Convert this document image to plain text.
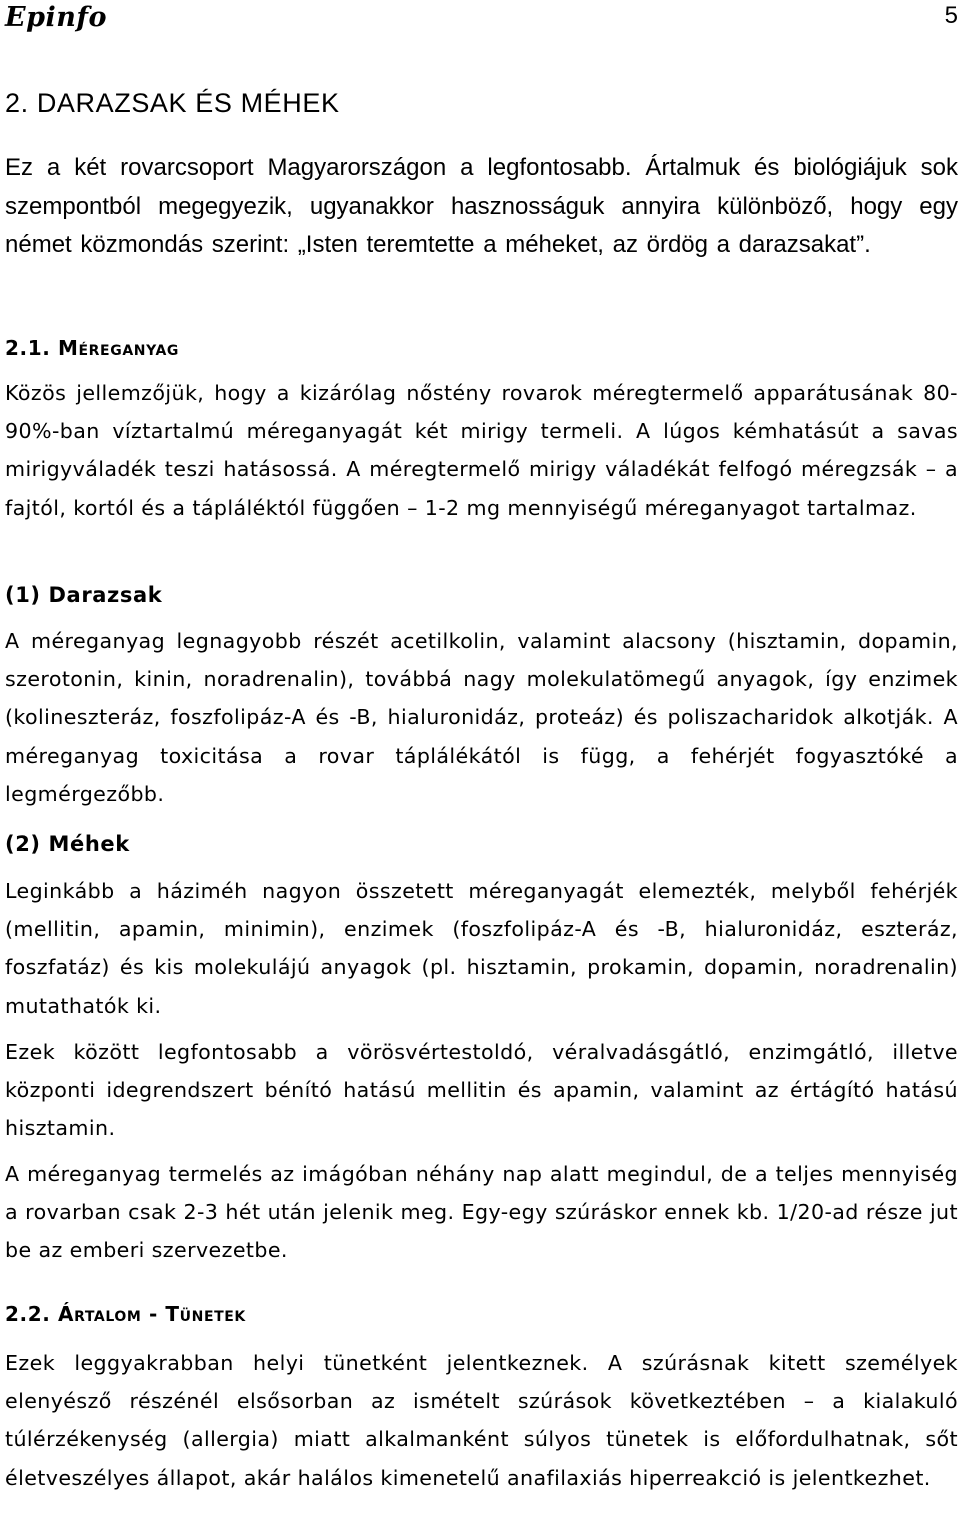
Epinfo	5
2. DARAZSAK ÉS MÉHEK
Ez a két rovarcsoport Magyarországon a legfontosabb. Ártalmuk és biológiájuk sok szempontból megegyezik, ugyanakkor hasznosságuk annyira különböző, hogy egy német közmondás szerint: „Isten teremtette a méheket, az ördög a darazsakat”.
2.1. Méreganyag
Közös jellemzőjük, hogy a kizárólag nőstény rovarok méregtermelő apparátusának 80-90%-ban víztartalmú méreganyagát két mirigy termeli. A lúgos kémhatásút a savas mirigyváladék teszi hatásossá. A méregtermelő mirigy váladékát felfogó méregzsák – a fajtól, kortól és a tápláléktól függően – 1-2 mg mennyiségű méreganyagot tartalmaz.
(1) Darazsak
A méreganyag legnagyobb részét acetilkolin, valamint alacsony (hisztamin, dopamin, szerotonin, kinin, noradrenalin), továbbá nagy molekulatömegű anyagok, így enzimek (kolineszteráz, foszfolipáz-A és -B, hialuronidáz, proteáz) és poliszacharidok alkotják. A méreganyag toxicitása a rovar táplálékától is függ, a fehérjét fogyasztóké a legmérgezőbb.
(2) Méhek
Leginkább a háziméh nagyon összetett méreganyagát elemezték, melyből fehérjék (mellitin, apamin, minimin), enzimek (foszfolipáz-A és -B, hialuronidáz, eszteráz, foszfatáz) és kis molekulájú anyagok (pl. hisztamin, prokamin, dopamin, noradrenalin) mutathatók ki.
Ezek között legfontosabb a vörösvértestoldó, véralvadásgátló, enzimgátló, illetve központi idegrendszert bénító hatású mellitin és apamin, valamint az értágító hatású hisztamin.
A méreganyag termelés az imágóban néhány nap alatt megindul, de a teljes mennyiség a rovarban csak 2-3 hét után jelenik meg. Egy-egy szúráskor ennek kb. 1/20-ad része jut be az emberi szervezetbe.
2.2. Ártalom - Tünetek
Ezek leggyakrabban helyi tünetként jelentkeznek. A szúrásnak kitett személyek elenyésző részénél elsősorban az ismételt szúrások következtében – a kialakuló túlérzékenység (allergia) miatt alkalmanként súlyos tünetek is előfordulhatnak, sőt életveszélyes állapot, akár halálos kimenetelű anafilaxiás hiperreakció is jelentkezhet.
